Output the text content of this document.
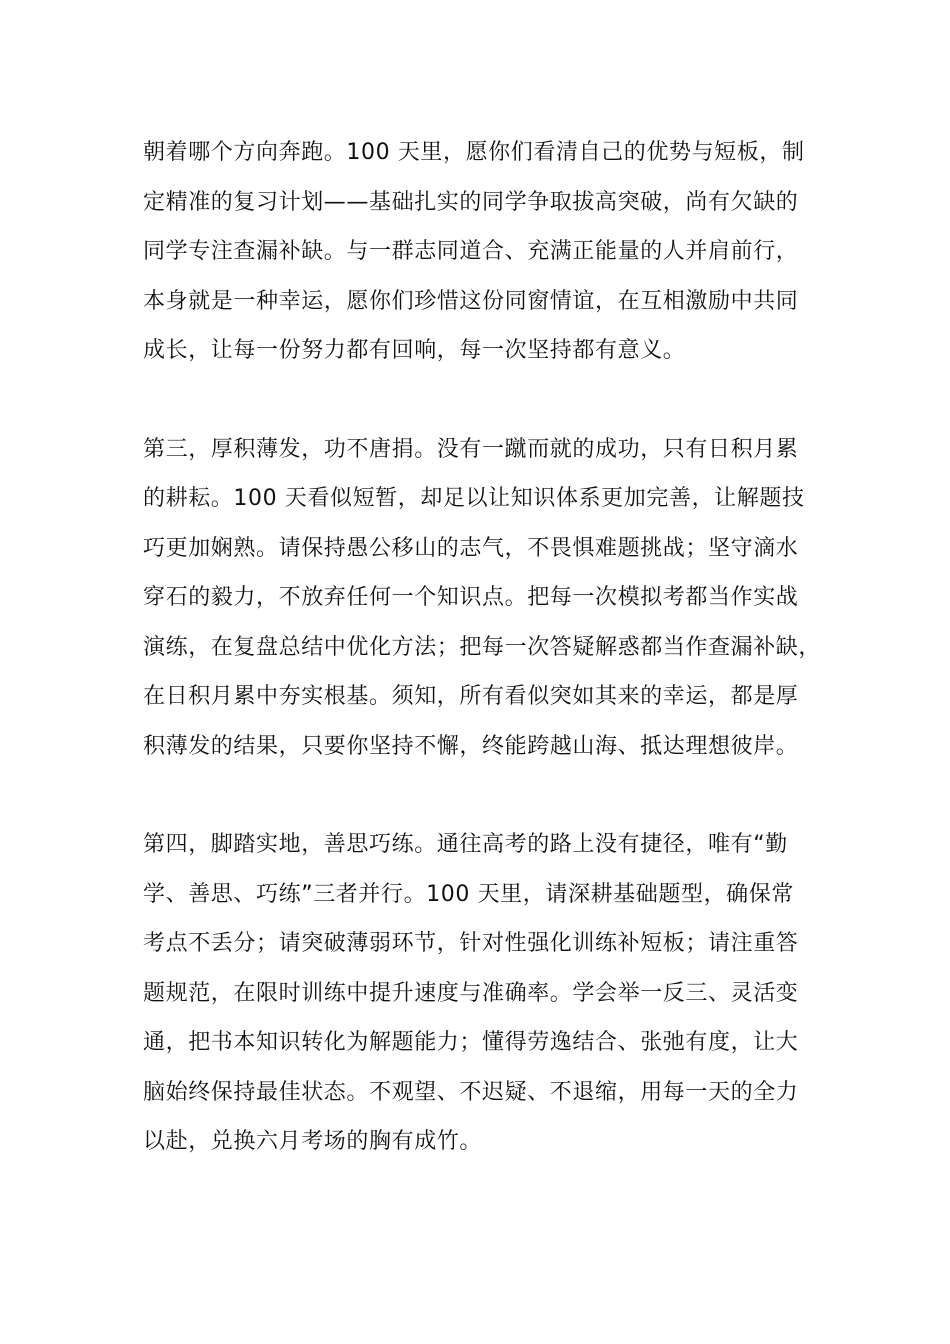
朝着哪个方向奔跑。100 天里，愿你们看清自己的优势与短板，制
定精准的复习计划——基础扎实的同学争取拔高突破，尚有欠缺的
同学专注查漏补缺。与一群志同道合、充满正能量的人并肩前行，
本身就是一种幸运，愿你们珍惜这份同窗情谊，在互相激励中共同
成长，让每一份努力都有回响，每一次坚持都有意义。

第三，厚积薄发，功不唐捐。没有一蹴而就的成功，只有日积月累
的耕耘。100 天看似短暂，却足以让知识体系更加完善，让解题技
巧更加娴熟。请保持愚公移山的志气，不畏惧难题挑战；坚守滴水
穿石的毅力，不放弃任何一个知识点。把每一次模拟考都当作实战
演练，在复盘总结中优化方法；把每一次答疑解惑都当作查漏补缺，
在日积月累中夯实根基。须知，所有看似突如其来的幸运，都是厚
积薄发的结果，只要你坚持不懈，终能跨越山海、抵达理想彼岸。

第四，脚踏实地，善思巧练。通往高考的路上没有捷径，唯有“勤
学、善思、巧练”三者并行。100 天里，请深耕基础题型，确保常
考点不丢分；请突破薄弱环节，针对性强化训练补短板；请注重答
题规范，在限时训练中提升速度与准确率。学会举一反三、灵活变
通，把书本知识转化为解题能力；懂得劳逸结合、张弛有度，让大
脑始终保持最佳状态。不观望、不迟疑、不退缩，用每一天的全力
以赴，兑换六月考场的胸有成竹。
